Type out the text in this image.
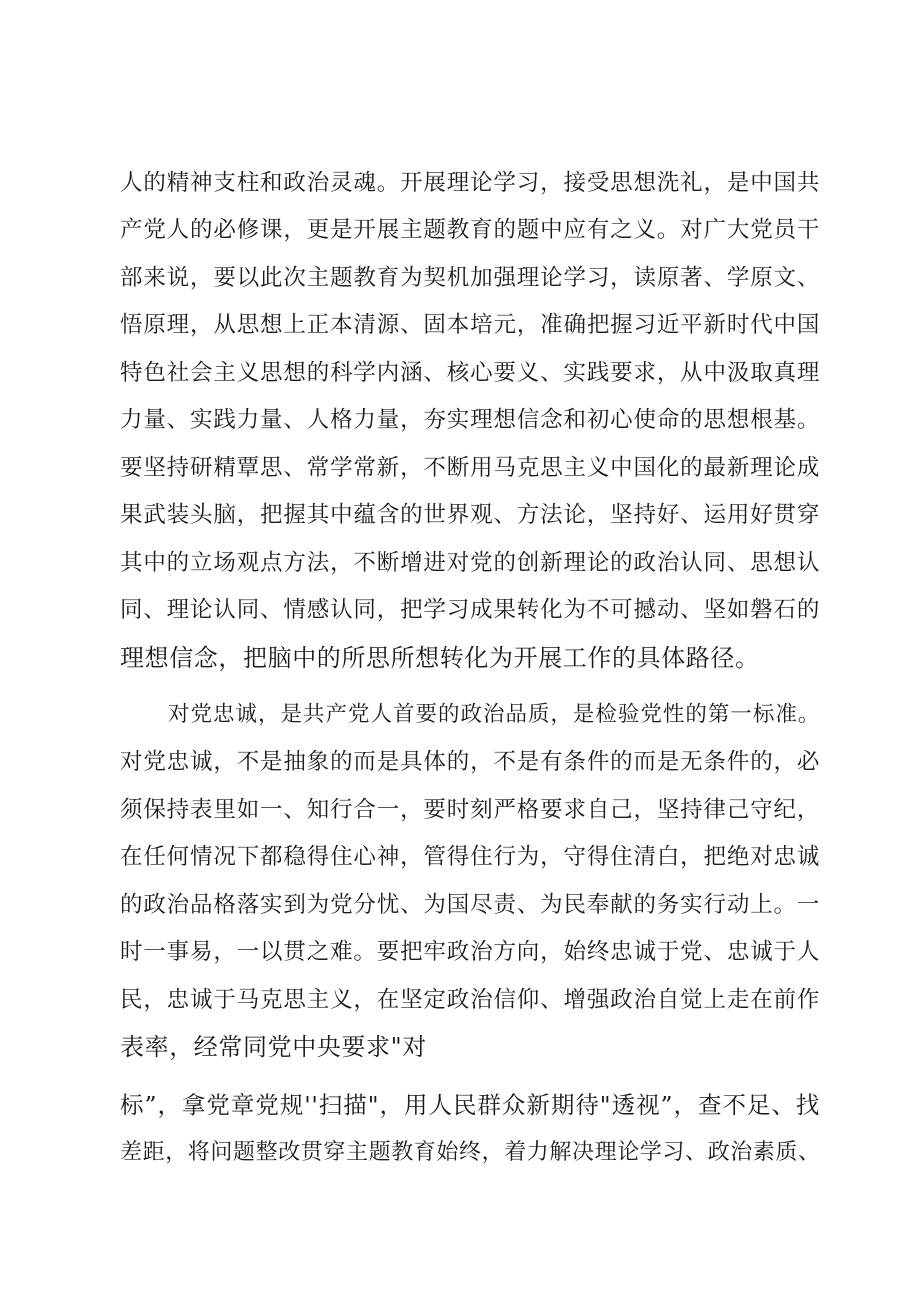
人的精神支柱和政治灵魂。开展理论学习，接受思想洗礼，是中国共
产党人的必修课，更是开展主题教育的题中应有之义。对广大党员干
部来说，要以此次主题教育为契机加强理论学习，读原著、学原文、
悟原理，从思想上正本清源、固本培元，准确把握习近平新时代中国
特色社会主义思想的科学内涵、核心要义、实践要求，从中汲取真理
力量、实践力量、人格力量，夯实理想信念和初心使命的思想根基。
要坚持研精覃思、常学常新，不断用马克思主义中国化的最新理论成
果武装头脑，把握其中蕴含的世界观、方法论，坚持好、运用好贯穿
其中的立场观点方法，不断增进对党的创新理论的政治认同、思想认
同、理论认同、情感认同，把学习成果转化为不可撼动、坚如磐石的
理想信念，把脑中的所思所想转化为开展工作的具体路径。
对党忠诚，是共产党人首要的政治品质，是检验党性的第一标准。
对党忠诚，不是抽象的而是具体的，不是有条件的而是无条件的，必
须保持表里如一、知行合一，要时刻严格要求自己，坚持律己守纪，
在任何情况下都稳得住心神，管得住行为，守得住清白，把绝对忠诚
的政治品格落实到为党分忧、为国尽责、为民奉献的务实行动上。一
时一事易，一以贯之难。要把牢政治方向，始终忠诚于党、忠诚于人
民，忠诚于马克思主义，在坚定政治信仰、增强政治自觉上走在前作
表率，经常同党中央要求"对
标”，拿党章党规''扫描"，用人民群众新期待"透视”，查不足、找
差距，将问题整改贯穿主题教育始终，着力解决理论学习、政治素质、
